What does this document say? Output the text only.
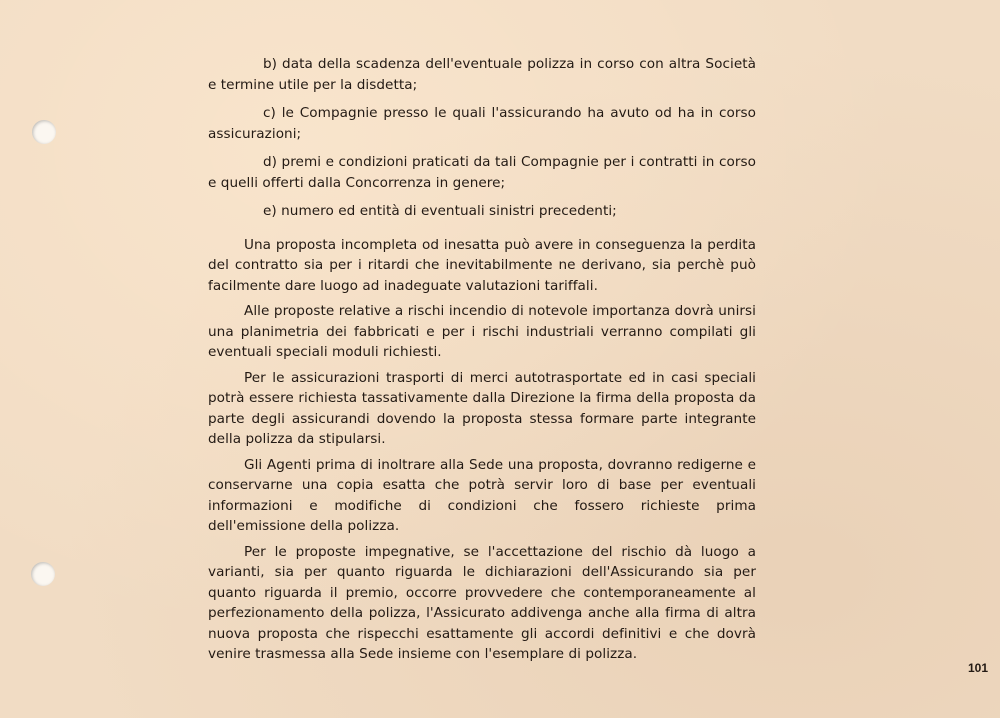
b) data della scadenza dell'eventuale polizza in corso con altra Società e termine utile per la disdetta;

c) le Compagnie presso le quali l'assicurando ha avuto od ha in corso assicurazioni;

d) premi e condizioni praticati da tali Compagnie per i contratti in corso e quelli offerti dalla Concorrenza in genere;

e) numero ed entità di eventuali sinistri precedenti;

Una proposta incompleta od inesatta può avere in conseguenza la perdita del contratto sia per i ritardi che inevitabilmente ne derivano, sia perchè può facilmente dare luogo ad inadeguate valutazioni tariffali.

Alle proposte relative a rischi incendio di notevole importanza dovrà unirsi una planimetria dei fabbricati e per i rischi industriali verranno compilati gli eventuali speciali moduli richiesti.

Per le assicurazioni trasporti di merci autotrasportate ed in casi speciali potrà essere richiesta tassativamente dalla Direzione la firma della proposta da parte degli assicurandi dovendo la proposta stessa formare parte integrante della polizza da stipularsi.

Gli Agenti prima di inoltrare alla Sede una proposta, dovranno redigerne e conservarne una copia esatta che potrà servir loro di base per eventuali informazioni e modifiche di condizioni che fossero richieste prima dell'emissione della polizza.

Per le proposte impegnative, se l'accettazione del rischio dà luogo a varianti, sia per quanto riguarda le dichiarazioni dell'Assicurando sia per quanto riguarda il premio, occorre provvedere che contemporaneamente al perfezionamento della polizza, l'Assicurato addivenga anche alla firma di altra nuova proposta che rispecchi esattamente gli accordi definitivi e che dovrà venire trasmessa alla Sede insieme con l'esemplare di polizza.

101
